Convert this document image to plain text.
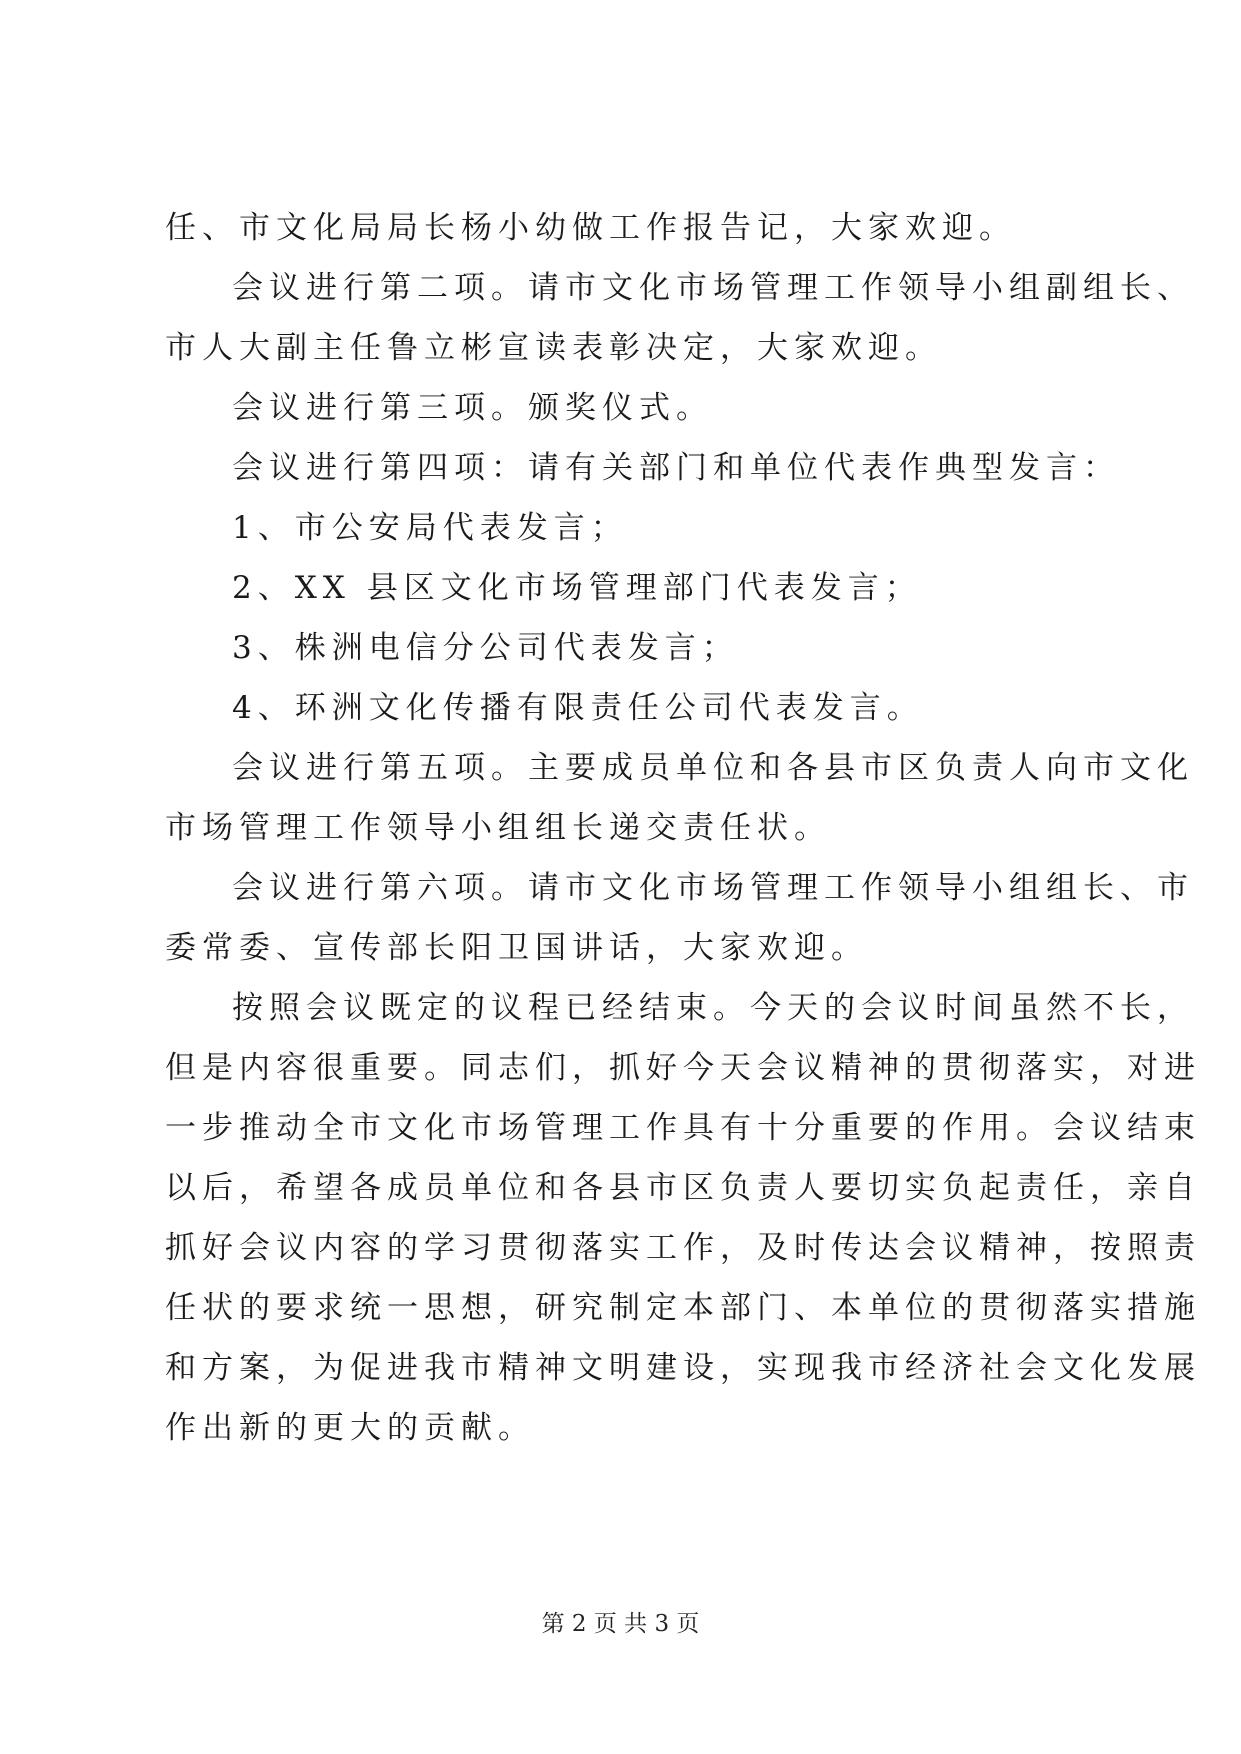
任、市文化局局长杨小幼做工作报告记，大家欢迎。
会议进行第二项。请市文化市场管理工作领导小组副组长、
市人大副主任鲁立彬宣读表彰决定，大家欢迎。
会议进行第三项。颁奖仪式。
会议进行第四项：请有关部门和单位代表作典型发言：
1、市公安局代表发言；
2、XX 县区文化市场管理部门代表发言；
3、株洲电信分公司代表发言；
4、环洲文化传播有限责任公司代表发言。
会议进行第五项。主要成员单位和各县市区负责人向市文化
市场管理工作领导小组组长递交责任状。
会议进行第六项。请市文化市场管理工作领导小组组长、市
委常委、宣传部长阳卫国讲话，大家欢迎。
按照会议既定的议程已经结束。今天的会议时间虽然不长，
但是内容很重要。同志们，抓好今天会议精神的贯彻落实，对进
一步推动全市文化市场管理工作具有十分重要的作用。会议结束
以后，希望各成员单位和各县市区负责人要切实负起责任，亲自
抓好会议内容的学习贯彻落实工作，及时传达会议精神，按照责
任状的要求统一思想，研究制定本部门、本单位的贯彻落实措施
和方案，为促进我市精神文明建设，实现我市经济社会文化发展
作出新的更大的贡献。
第 2 页 共 3 页
